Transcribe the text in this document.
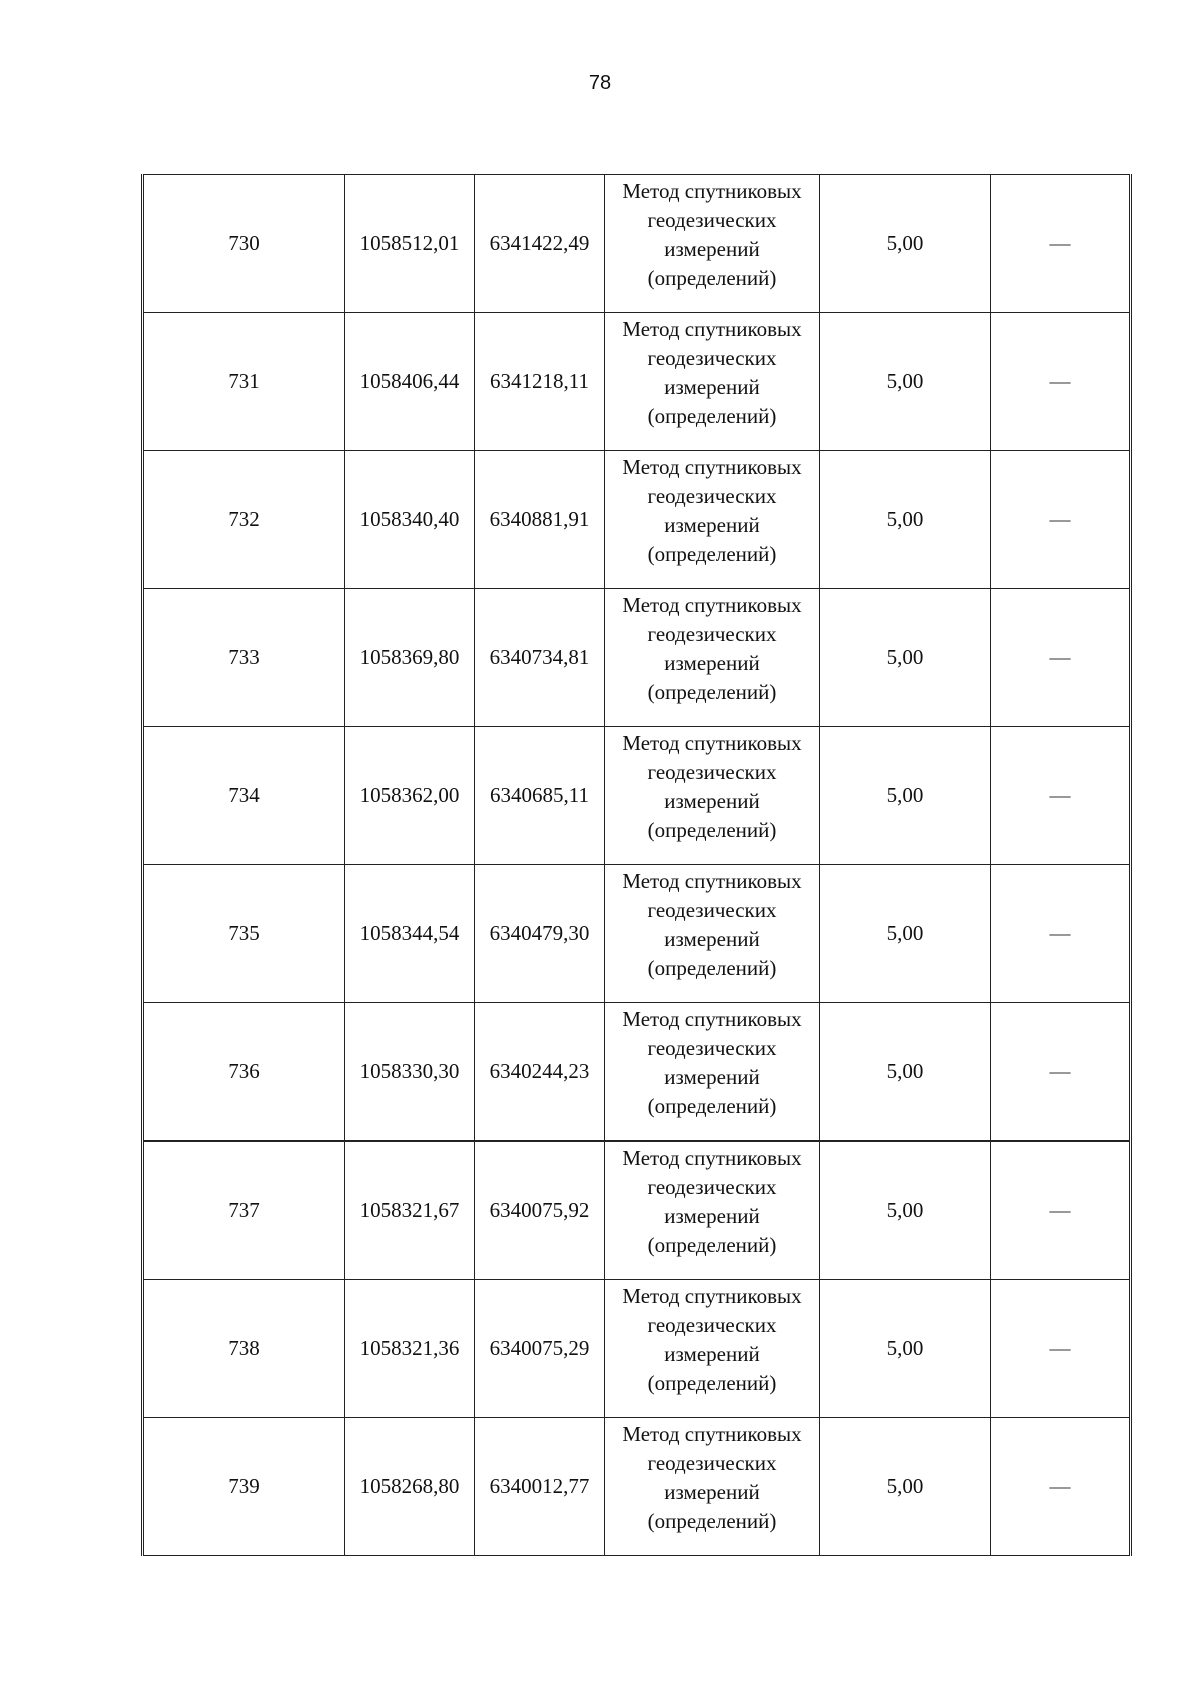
78
730	1058512,01	6341422,49	Метод спутниковых
геодезических
измерений
(определений)	5,00	—
731	1058406,44	6341218,11	Метод спутниковых
геодезических
измерений
(определений)	5,00	—
732	1058340,40	6340881,91	Метод спутниковых
геодезических
измерений
(определений)	5,00	—
733	1058369,80	6340734,81	Метод спутниковых
геодезических
измерений
(определений)	5,00	—
734	1058362,00	6340685,11	Метод спутниковых
геодезических
измерений
(определений)	5,00	—
735	1058344,54	6340479,30	Метод спутниковых
геодезических
измерений
(определений)	5,00	—
736	1058330,30	6340244,23	Метод спутниковых
геодезических
измерений
(определений)	5,00	—
737	1058321,67	6340075,92	Метод спутниковых
геодезических
измерений
(определений)	5,00	—
738	1058321,36	6340075,29	Метод спутниковых
геодезических
измерений
(определений)	5,00	—
739	1058268,80	6340012,77	Метод спутниковых
геодезических
измерений
(определений)	5,00	—
